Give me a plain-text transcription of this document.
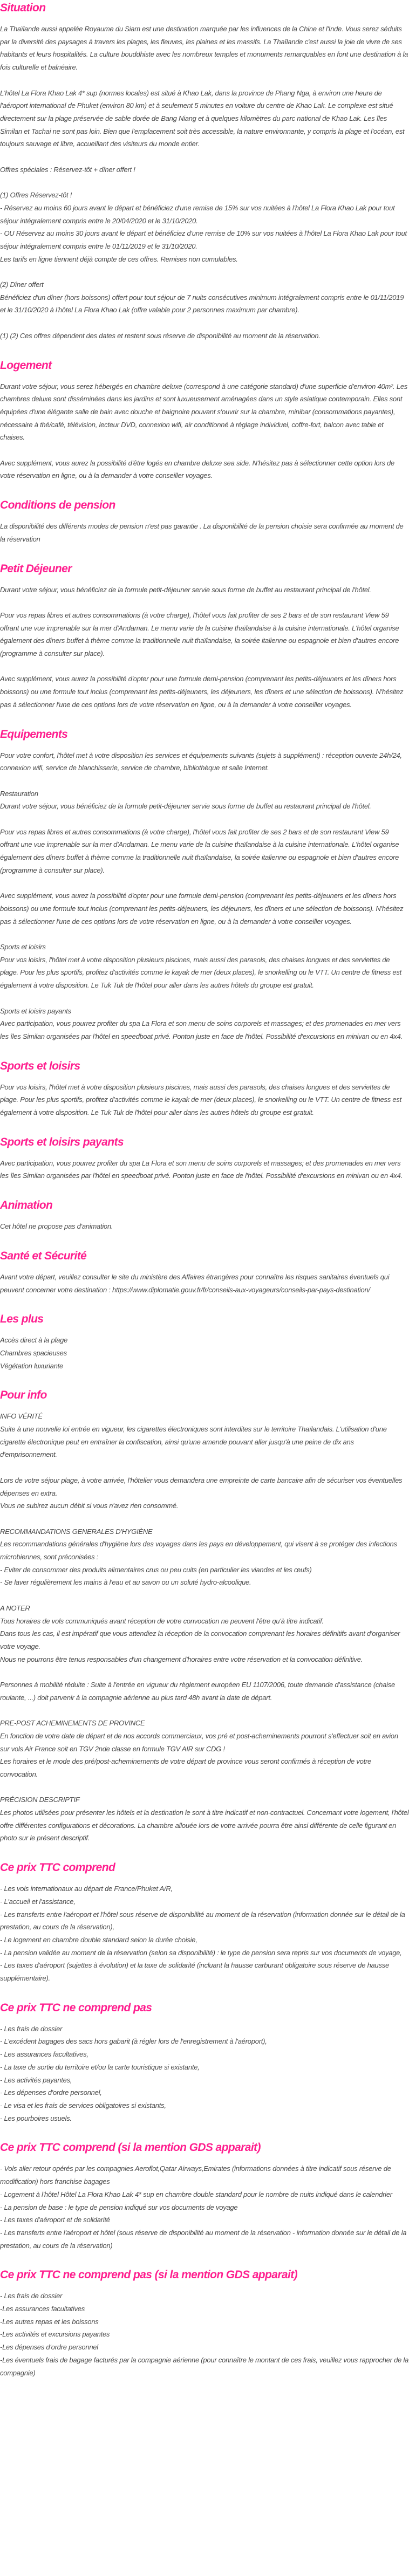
Situation

La Thaïlande aussi appelée Royaume du Siam est une destination marquée par les influences de la Chine et l'Inde. Vous serez séduits par la diversité des paysages à travers les plages, les fleuves, les plaines et les massifs. La Thaïlande c'est aussi la joie de vivre de ses habitants et leurs hospitalités. La culture bouddhiste avec les nombreux temples et monuments remarquables en font une destination à la fois culturelle et balnéaire.

L'hôtel La Flora Khao Lak 4* sup (normes locales) est situé à Khao Lak, dans la province de Phang Nga, à environ une heure de l'aéroport international de Phuket (environ 80 km) et à seulement 5 minutes en voiture du centre de Khao Lak. Le complexe est situé directement sur la plage préservée de sable dorée de Bang Niang et à quelques kilomètres du parc national de Khao Lak. Les îles Similan et Tachai ne sont pas loin. Bien que l'emplacement soit très accessible, la nature environnante, y compris la plage et l'océan, est toujours sauvage et libre, accueillant des visiteurs du monde entier.

Offres spéciales : Réservez-tôt + dîner offert !

(1) Offres Réservez-tôt !
- Réservez au moins 60 jours avant le départ et bénéficiez d'une remise de 15% sur vos nuitées à l'hôtel La Flora Khao Lak pour tout séjour intégralement compris entre le 20/04/2020 et le 31/10/2020.
- OU Réservez au moins 30 jours avant le départ et bénéficiez d'une remise de 10% sur vos nuitées à l'hôtel La Flora Khao Lak pour tout séjour intégralement compris entre le 01/11/2019 et le 31/10/2020.
Les tarifs en ligne tiennent déjà compte de ces offres. Remises non cumulables.

(2) Dîner offert
Bénéficiez d'un dîner (hors boissons) offert pour tout séjour de 7 nuits consécutives minimum intégralement compris entre le 01/11/2019 et le 31/10/2020 à l'hôtel La Flora Khao Lak (offre valable pour 2 personnes maximum par chambre).

(1) (2) Ces offres dépendent des dates et restent sous réserve de disponibilité au moment de la réservation.

Logement

Durant votre séjour, vous serez hébergés en chambre deluxe (correspond à une catégorie standard) d'une superficie d'environ 40m². Les chambres deluxe sont disséminées dans les jardins et sont luxueusement aménagées dans un style asiatique contemporain. Elles sont équipées d'une élégante salle de bain avec douche et baignoire pouvant s'ouvrir sur la chambre, minibar (consommations payantes), nécessaire à thé/café, télévision, lecteur DVD, connexion wifi, air conditionné à réglage individuel, coffre-fort, balcon avec table et chaises.

Avec supplément, vous aurez la possibilité d'être logés en chambre deluxe sea side. N'hésitez pas à sélectionner cette option lors de votre réservation en ligne, ou à la demander à votre conseiller voyages.

Conditions de pension

La disponibilité des différents modes de pension n'est pas garantie . La disponibilité de la pension choisie sera confirmée au moment de la réservation

Petit Déjeuner

Durant votre séjour, vous bénéficiez de la formule petit-déjeuner servie sous forme de buffet au restaurant principal de l'hôtel.

Pour vos repas libres et autres consommations (à votre charge), l'hôtel vous fait profiter de ses 2 bars et de son restaurant View 59 offrant une vue imprenable sur la mer d'Andaman. Le menu varie de la cuisine thaïlandaise à la cuisine internationale. L'hôtel organise également des dîners buffet à thème comme la traditionnelle nuit thaïlandaise, la soirée italienne ou espagnole et bien d'autres encore (programme à consulter sur place).

Avec supplément, vous aurez la possibilité d'opter pour une formule demi-pension (comprenant les petits-déjeuners et les dîners hors boissons) ou une formule tout inclus (comprenant les petits-déjeuners, les déjeuners, les dîners et une sélection de boissons). N'hésitez pas à sélectionner l'une de ces options lors de votre réservation en ligne, ou à la demander à votre conseiller voyages.

Equipements

Pour votre confort, l'hôtel met à votre disposition les services et équipements suivants (sujets à supplément) : réception ouverte 24h/24, connexion wifi, service de blanchisserie, service de chambre, bibliothèque et salle Internet.

Restauration
Durant votre séjour, vous bénéficiez de la formule petit-déjeuner servie sous forme de buffet au restaurant principal de l'hôtel.

Pour vos repas libres et autres consommations (à votre charge), l'hôtel vous fait profiter de ses 2 bars et de son restaurant View 59 offrant une vue imprenable sur la mer d'Andaman. Le menu varie de la cuisine thaïlandaise à la cuisine internationale. L'hôtel organise également des dîners buffet à thème comme la traditionnelle nuit thaïlandaise, la soirée italienne ou espagnole et bien d'autres encore (programme à consulter sur place).

Avec supplément, vous aurez la possibilité d'opter pour une formule demi-pension (comprenant les petits-déjeuners et les dîners hors boissons) ou une formule tout inclus (comprenant les petits-déjeuners, les déjeuners, les dîners et une sélection de boissons). N'hésitez pas à sélectionner l'une de ces options lors de votre réservation en ligne, ou à la demander à votre conseiller voyages.

Sports et loisirs
Pour vos loisirs, l'hôtel met à votre disposition plusieurs piscines, mais aussi des parasols, des chaises longues et des serviettes de plage. Pour les plus sportifs, profitez d'activités comme le kayak de mer (deux places), le snorkelling ou le VTT. Un centre de fitness est également à votre disposition. Le Tuk Tuk de l'hôtel pour aller dans les autres hôtels du groupe est gratuit.

Sports et loisirs payants
Avec participation, vous pourrez profiter du spa La Flora et son menu de soins corporels et massages; et des promenades en mer vers les îles Similan organisées par l'hôtel en speedboat privé. Ponton juste en face de l'hôtel. Possibilité d'excursions en minivan ou en 4x4.

Sports et loisirs

Pour vos loisirs, l'hôtel met à votre disposition plusieurs piscines, mais aussi des parasols, des chaises longues et des serviettes de plage. Pour les plus sportifs, profitez d'activités comme le kayak de mer (deux places), le snorkelling ou le VTT. Un centre de fitness est également à votre disposition. Le Tuk Tuk de l'hôtel pour aller dans les autres hôtels du groupe est gratuit.

Sports et loisirs payants

Avec participation, vous pourrez profiter du spa La Flora et son menu de soins corporels et massages; et des promenades en mer vers les îles Similan organisées par l'hôtel en speedboat privé. Ponton juste en face de l'hôtel. Possibilité d'excursions en minivan ou en 4x4.

Animation

Cet hôtel ne propose pas d'animation.

Santé et Sécurité

Avant votre départ, veuillez consulter le site du ministère des Affaires étrangères pour connaître les risques sanitaires éventuels qui peuvent concerner votre destination : https://www.diplomatie.gouv.fr/fr/conseils-aux-voyageurs/conseils-par-pays-destination/

Les plus

Accès direct à la plage
Chambres spacieuses
Végétation luxuriante

Pour info

INFO VÉRITÉ
Suite à une nouvelle loi entrée en vigueur, les cigarettes électroniques sont interdites sur le territoire Thaïlandais. L'utilisation d'une cigarette électronique peut en entraîner la confiscation, ainsi qu'une amende pouvant aller jusqu'à une peine de dix ans d'emprisonnement.

Lors de votre séjour plage, à votre arrivée, l'hôtelier vous demandera une empreinte de carte bancaire afin de sécuriser vos éventuelles dépenses en extra.
Vous ne subirez aucun débit si vous n'avez rien consommé.

RECOMMANDATIONS GENERALES D'HYGIÈNE
Les recommandations générales d'hygiène lors des voyages dans les pays en développement, qui visent à se protéger des infections microbiennes, sont préconisées :
- Eviter de consommer des produits alimentaires crus ou peu cuits (en particulier les viandes et les œufs)
- Se laver régulièrement les mains à l'eau et au savon ou un soluté hydro-alcoolique.

A NOTER
Tous horaires de vols communiqués avant réception de votre convocation ne peuvent l'être qu'à titre indicatif.
Dans tous les cas, il est impératif que vous attendiez la réception de la convocation comprenant les horaires définitifs avant d'organiser votre voyage.
Nous ne pourrons être tenus responsables d'un changement d'horaires entre votre réservation et la convocation définitive.

Personnes à mobilité réduite : Suite à l'entrée en vigueur du règlement européen EU 1107/2006, toute demande d'assistance (chaise roulante, ...) doit parvenir à la compagnie aérienne au plus tard 48h avant la date de départ.

PRE-POST ACHEMINEMENTS DE PROVINCE
En fonction de votre date de départ et de nos accords commerciaux, vos pré et post-acheminements pourront s'effectuer soit en avion sur vols Air France soit en TGV 2nde classe en formule TGV AIR sur CDG !
Les horaires et le mode des pré/post-acheminements de votre départ de province vous seront confirmés à réception de votre convocation.

PRÉCISION DESCRIPTIF
Les photos utilisées pour présenter les hôtels et la destination le sont à titre indicatif et non-contractuel. Concernant votre logement, l'hôtel offre différentes configurations et décorations. La chambre allouée lors de votre arrivée pourra être ainsi différente de celle figurant en photo sur le présent descriptif.

Ce prix TTC comprend

- Les vols internationaux au départ de France/Phuket A/R,
- L'accueil et l'assistance,
- Les transferts entre l'aéroport et l'hôtel sous réserve de disponibilité au moment de la réservation (information donnée sur le détail de la prestation, au cours de la réservation),
- Le logement en chambre double standard selon la durée choisie,
- La pension validée au moment de la réservation (selon sa disponibilité) : le type de pension sera repris sur vos documents de voyage,
- Les taxes d'aéroport (sujettes à évolution) et la taxe de solidarité (incluant la hausse carburant obligatoire sous réserve de hausse supplémentaire).

Ce prix TTC ne comprend pas

- Les frais de dossier
- L'excédent bagages des sacs hors gabarit (à régler lors de l'enregistrement à l'aéroport),
- Les assurances facultatives,
- La taxe de sortie du territoire et/ou la carte touristique si existante,
- Les activités payantes,
- Les dépenses d'ordre personnel,
- Le visa et les frais de services obligatoires si existants,
- Les pourboires usuels.

Ce prix TTC comprend (si la mention GDS apparait)

- Vols aller retour opérés par les compagnies Aeroflot,Qatar Airways,Emirates (informations données à titre indicatif sous réserve de modification) hors franchise bagages
- Logement à l'hôtel Hôtel La Flora Khao Lak 4* sup en chambre double standard pour le nombre de nuits indiqué dans le calendrier
- La pension de base : le type de pension indiqué sur vos documents de voyage
- Les taxes d'aéroport et de solidarité
- Les transferts entre l'aéroport et hôtel (sous réserve de disponibilité au moment de la réservation - information donnée sur le détail de la prestation, au cours de la réservation)

Ce prix TTC ne comprend pas (si la mention GDS apparait)

- Les frais de dossier
-Les assurances facultatives
-Les autres repas et les boissons
-Les activités et excursions payantes
-Les dépenses d'ordre personnel
-Les éventuels frais de bagage facturés par la compagnie aérienne (pour connaître le montant de ces frais, veuillez vous rapprocher de la compagnie)
